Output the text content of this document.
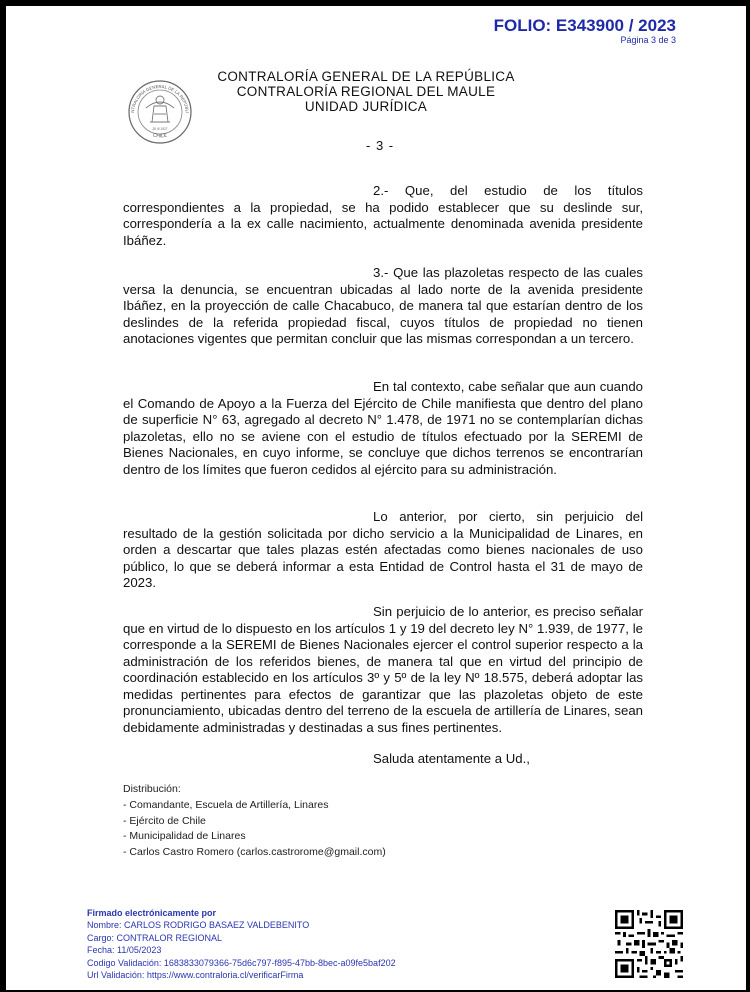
FOLIO: E343900 / 2023
Página 3 de 3
NTRALORÍA GENERAL DE LA REPÚBLI
CHILE
26 III 1927
CONTRALORÍA GENERAL DE LA REPÚBLICA
CONTRALORÍA REGIONAL DEL MAULE
UNIDAD JURÍDICA
- 3 -

2.- Que, del estudio de los títulos correspondientes a la propiedad, se ha podido establecer que su deslinde sur, correspondería a la ex calle nacimiento, actualmente denominada avenida presidente Ibáñez.

3.- Que las plazoletas respecto de las cuales versa la denuncia, se encuentran ubicadas al lado norte de la avenida presidente Ibáñez, en la proyección de calle Chacabuco, de manera tal que estarían dentro de los deslindes de la referida propiedad fiscal, cuyos títulos de propiedad no tienen anotaciones vigentes que permitan concluir que las mismas correspondan a un tercero.

En tal contexto, cabe señalar que aun cuando el Comando de Apoyo a la Fuerza del Ejército de Chile manifiesta que dentro del plano de superficie N° 63, agregado al decreto N° 1.478, de 1971 no se contemplarían dichas plazoletas, ello no se aviene con el estudio de títulos efectuado por la SEREMI de Bienes Nacionales, en cuyo informe, se concluye que dichos terrenos se encontrarían dentro de los límites que fueron cedidos al ejército para su administración.

Lo anterior, por cierto, sin perjuicio del resultado de la gestión solicitada por dicho servicio a la Municipalidad de Linares, en orden a descartar que tales plazas estén afectadas como bienes nacionales de uso público, lo que se deberá informar a esta Entidad de Control hasta el 31 de mayo de 2023.

Sin perjuicio de lo anterior, es preciso señalar que en virtud de lo dispuesto en los artículos 1 y 19 del decreto ley N° 1.939, de 1977, le corresponde a la SEREMI de Bienes Nacionales ejercer el control superior respecto a la administración de los referidos bienes, de manera tal que en virtud del principio de coordinación establecido en los artículos 3º y 5º de la ley Nº 18.575, deberá adoptar las medidas pertinentes para efectos de garantizar que las plazoletas objeto de este pronunciamiento, ubicadas dentro del terreno de la escuela de artillería de Linares, sean debidamente administradas y destinadas a sus fines pertinentes.

Saluda atentamente a Ud.,
Distribución:
- Comandante, Escuela de Artillería, Linares
- Ejército de Chile
- Municipalidad de Linares
- Carlos Castro Romero (carlos.castrorome@gmail.com)
Firmado electrónicamente por
Nombre: CARLOS RODRIGO BASAEZ VALDEBENITO
Cargo: CONTRALOR REGIONAL
Fecha: 11/05/2023
Codigo Validación: 1683833079366-75d6c797-f895-47bb-8bec-a09fe5baf202
Url Validación: https://www.contraloria.cl/verificarFirma
